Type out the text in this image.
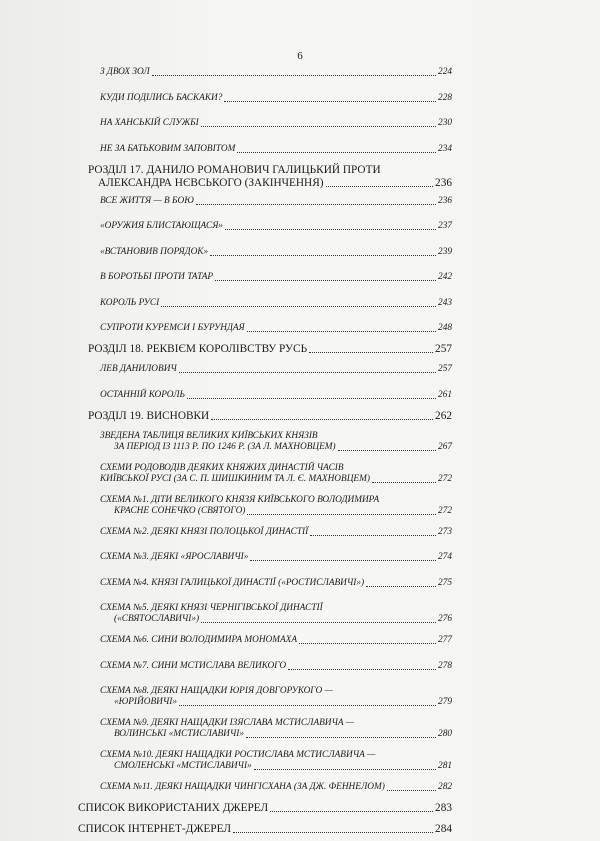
6
З ДВОХ ЗОЛ	224
КУДИ ПОДІЛИСЬ БАСКАКИ?	228
НА ХАНСЬКІЙ СЛУЖБІ	230
НЕ ЗА БАТЬКОВИМ ЗАПОВІТОМ	234
РОЗДІЛ 17. ДАНИЛО РОМАНОВИЧ ГАЛИЦЬКИЙ ПРОТИ
АЛЕКСАНДРА НЄВСЬКОГО (ЗАКІНЧЕННЯ)	236
ВСЕ ЖИТТЯ — В БОЮ	236
«ОРУЖИЯ БЛИСТАЮЩАСЯ»	237
«ВСТАНОВИВ ПОРЯДОК»	239
В БОРОТЬБІ ПРОТИ ТАТАР	242
КОРОЛЬ РУСІ	243
СУПРОТИ КУРЕМСИ І БУРУНДАЯ	248
РОЗДІЛ 18. РЕКВІЄМ КОРОЛІВСТВУ РУСЬ	257
ЛЕВ ДАНИЛОВИЧ	257
ОСТАННІЙ КОРОЛЬ	261
РОЗДІЛ 19. ВИСНОВКИ	262
ЗВЕДЕНА ТАБЛИЦЯ ВЕЛИКИХ КИЇВСЬКИХ КНЯЗІВ
ЗА ПЕРІОД ІЗ 1113 Р. ПО 1246 Р. (ЗА Л. МАХНОВЦЕМ)	267
СХЕМИ РОДОВОДІВ ДЕЯКИХ КНЯЖИХ ДИНАСТІЙ ЧАСІВ
КИЇВСЬКОЇ РУСІ (ЗА С. П. ШИШКИНИМ ТА Л. Є. МАХНОВЦЕМ)	272
СХЕМА №1. ДІТИ ВЕЛИКОГО КНЯЗЯ КИЇВСЬКОГО ВОЛОДИМИРА
КРАСНЕ СОНЕЧКО (СВЯТОГО)	272
СХЕМА №2. ДЕЯКІ КНЯЗІ ПОЛОЦЬКОЇ ДИНАСТІЇ	273
СХЕМА №3. ДЕЯКІ «ЯРОСЛАВИЧІ»	274
СХЕМА №4. КНЯЗІ ГАЛИЦЬКОЇ ДИНАСТІЇ («РОСТИСЛАВИЧІ»)	275
СХЕМА №5. ДЕЯКІ КНЯЗІ ЧЕРНІГІВСЬКОЇ ДИНАСТІЇ
(«СВЯТОСЛАВИЧІ»)	276
СХЕМА №6. СИНИ ВОЛОДИМИРА МОНОМАХА	277
СХЕМА №7. СИНИ МСТИСЛАВА ВЕЛИКОГО	278
СХЕМА №8. ДЕЯКІ НАЩАДКИ ЮРІЯ ДОВГОРУКОГО —
«ЮРІЙОВИЧІ»	279
СХЕМА №9. ДЕЯКІ НАЩАДКИ ІЗЯСЛАВА МСТИСЛАВИЧА —
ВОЛИНСЬКІ «МСТИСЛАВИЧІ»	280
СХЕМА №10. ДЕЯКІ НАЩАДКИ РОСТИСЛАВА МСТИСЛАВИЧА —
СМОЛЕНСЬКІ «МСТИСЛАВИЧІ»	281
СХЕМА №11. ДЕЯКІ НАЩАДКИ ЧИНГІСХАНА (ЗА ДЖ. ФЕННЕЛОМ)	282
СПИСОК ВИКОРИСТАНИХ ДЖЕРЕЛ	283
СПИСОК ІНТЕРНЕТ-ДЖЕРЕЛ	284
